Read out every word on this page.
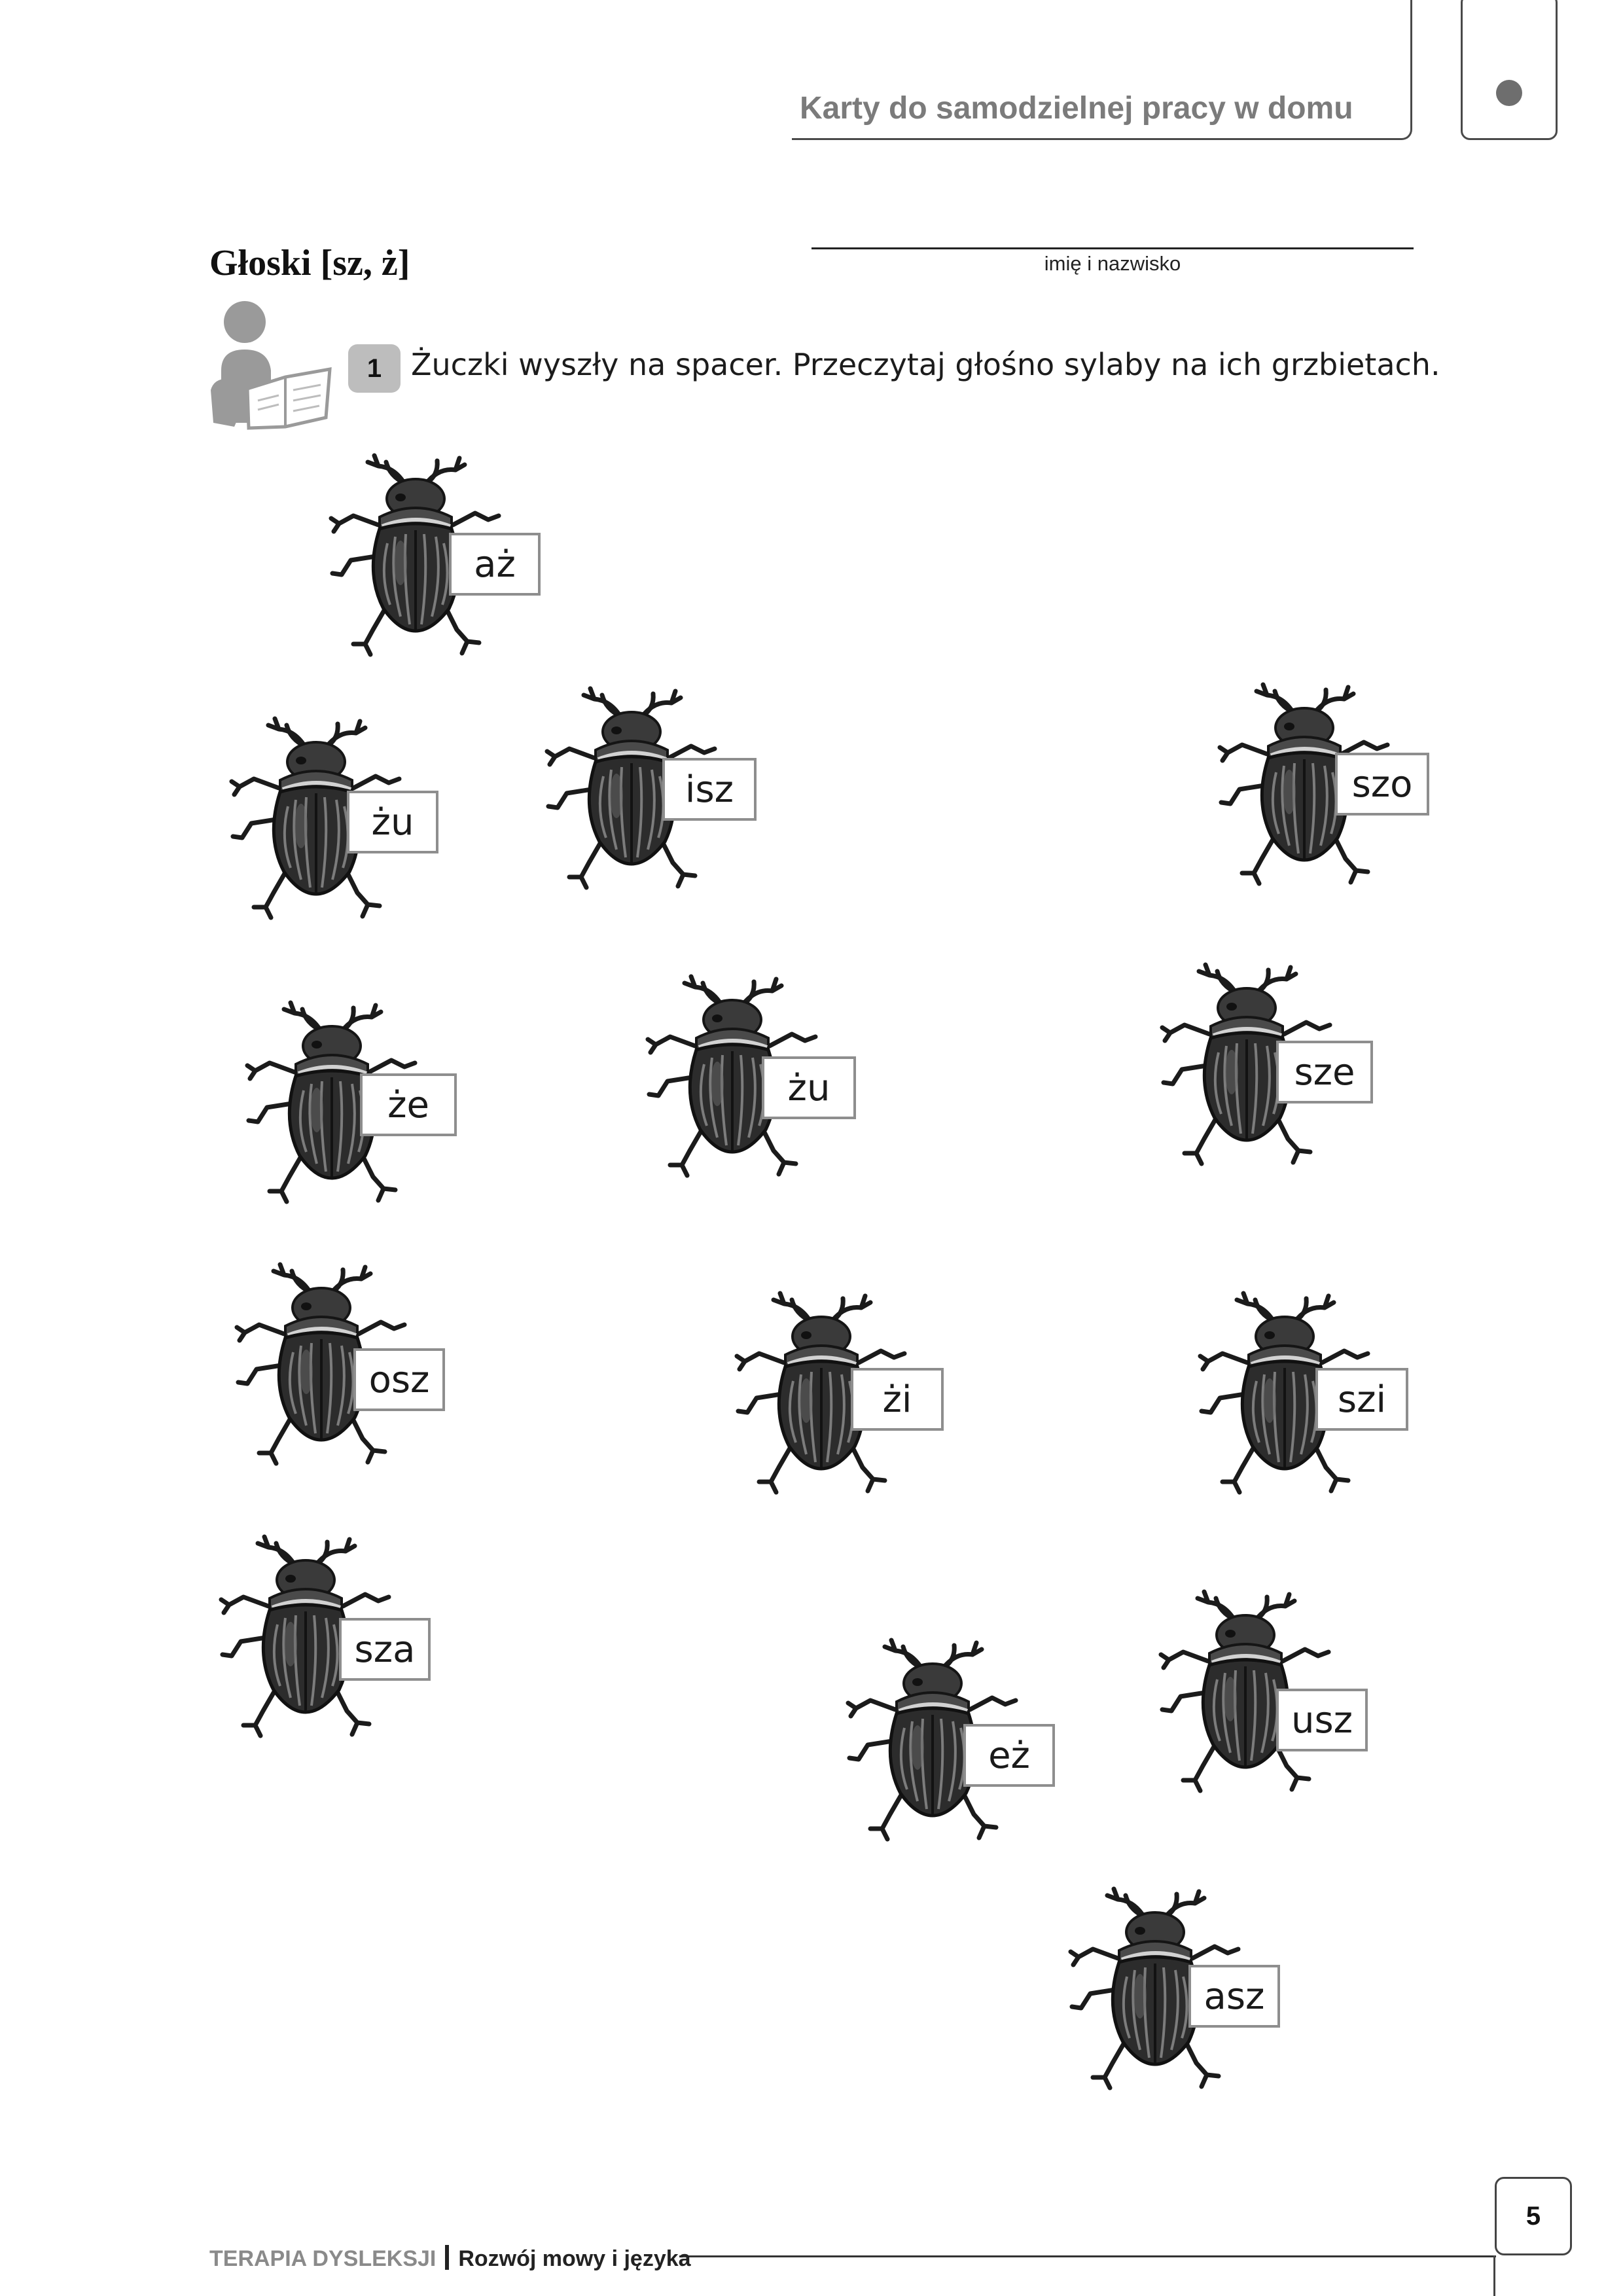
Karty do samodzielnej pracy w domu
Głoski [sz, ż]	imię i nazwisko
1 Żuczki wyszły na spacer. Przeczytaj głośno sylaby na ich grzbietach.
aż
żu
isz	szo
że	żu	sze
osz	żi	szi
sza
eż
usz
asz
TERAPIA DYSLEKSJI Rozwój mowy i języka
5
